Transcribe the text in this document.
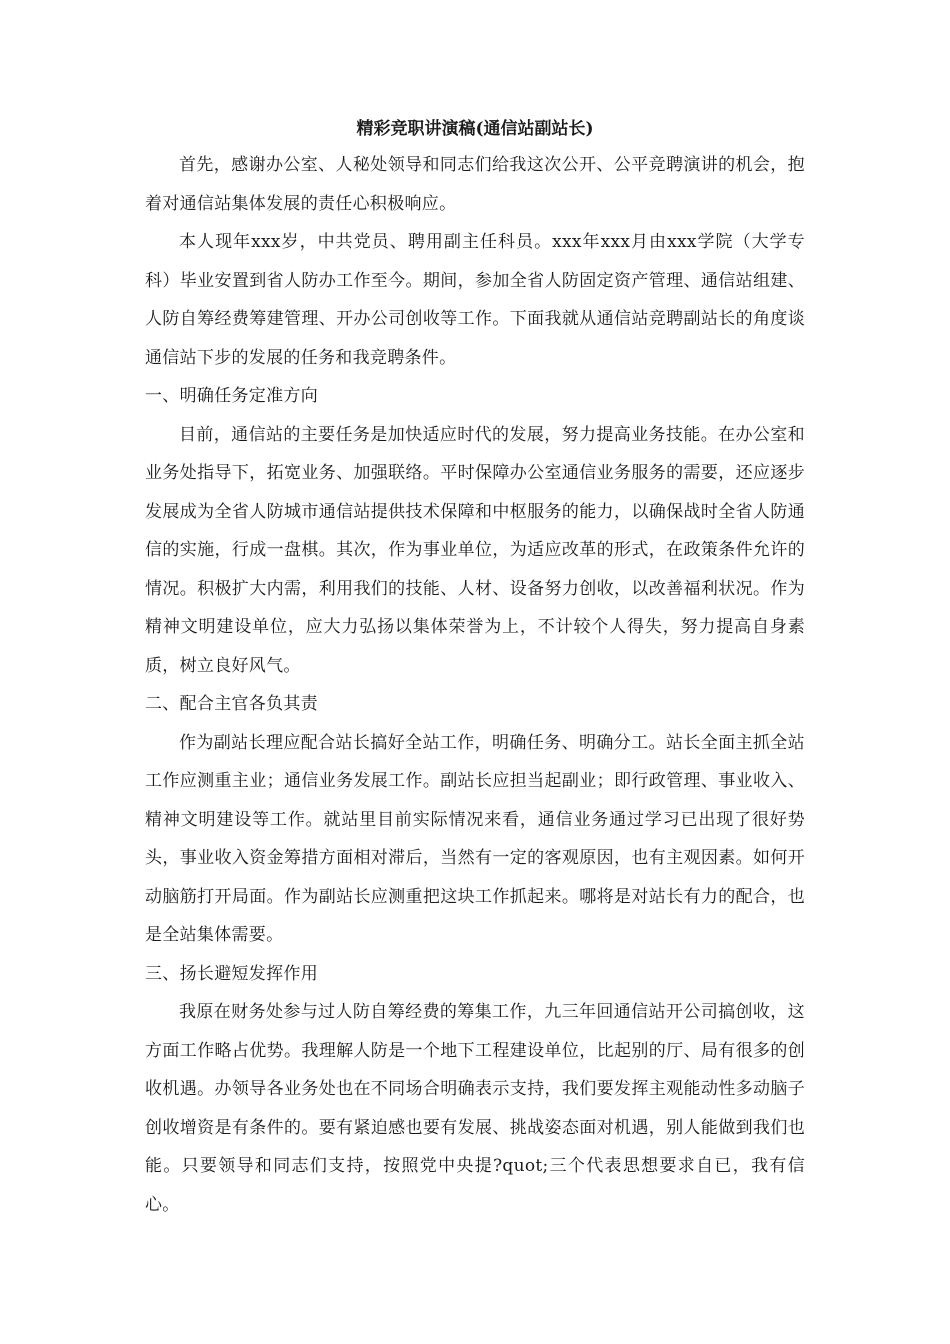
精彩竞职讲演稿(通信站副站长)

首先，感谢办公室、人秘处领导和同志们给我这次公开、公平竞聘演讲的机会，抱着对通信站集体发展的责任心积极响应。

本人现年xxx岁，中共党员、聘用副主任科员。xxx年xxx月由xxx学院（大学专科）毕业安置到省人防办工作至今。期间，参加全省人防固定资产管理、通信站组建、人防自筹经费筹建管理、开办公司创收等工作。下面我就从通信站竞聘副站长的角度谈通信站下步的发展的任务和我竞聘条件。

一、明确任务定准方向

目前，通信站的主要任务是加快适应时代的发展，努力提高业务技能。在办公室和业务处指导下，拓宽业务、加强联络。平时保障办公室通信业务服务的需要，还应逐步发展成为全省人防城市通信站提供技术保障和中枢服务的能力，以确保战时全省人防通信的实施，行成一盘棋。其次，作为事业单位，为适应改革的形式，在政策条件允许的情况。积极扩大内需，利用我们的技能、人材、设备努力创收，以改善福利状况。作为精神文明建设单位，应大力弘扬以集体荣誉为上，不计较个人得失，努力提高自身素质，树立良好风气。

二、配合主官各负其责

作为副站长理应配合站长搞好全站工作，明确任务、明确分工。站长全面主抓全站工作应测重主业；通信业务发展工作。副站长应担当起副业；即行政管理、事业收入、精神文明建设等工作。就站里目前实际情况来看，通信业务通过学习已出现了很好势头，事业收入资金筹措方面相对滞后，当然有一定的客观原因，也有主观因素。如何开动脑筋打开局面。作为副站长应测重把这块工作抓起来。哪将是对站长有力的配合，也是全站集体需要。

三、扬长避短发挥作用

我原在财务处参与过人防自筹经费的筹集工作，九三年回通信站开公司搞创收，这方面工作略占优势。我理解人防是一个地下工程建设单位，比起别的厅、局有很多的创收机遇。办领导各业务处也在不同场合明确表示支持，我们要发挥主观能动性多动脑子创收增资是有条件的。要有紧迫感也要有发展、挑战姿态面对机遇，别人能做到我们也能。只要领导和同志们支持，按照党中央提?quot;三个代表思想要求自已，我有信心。
